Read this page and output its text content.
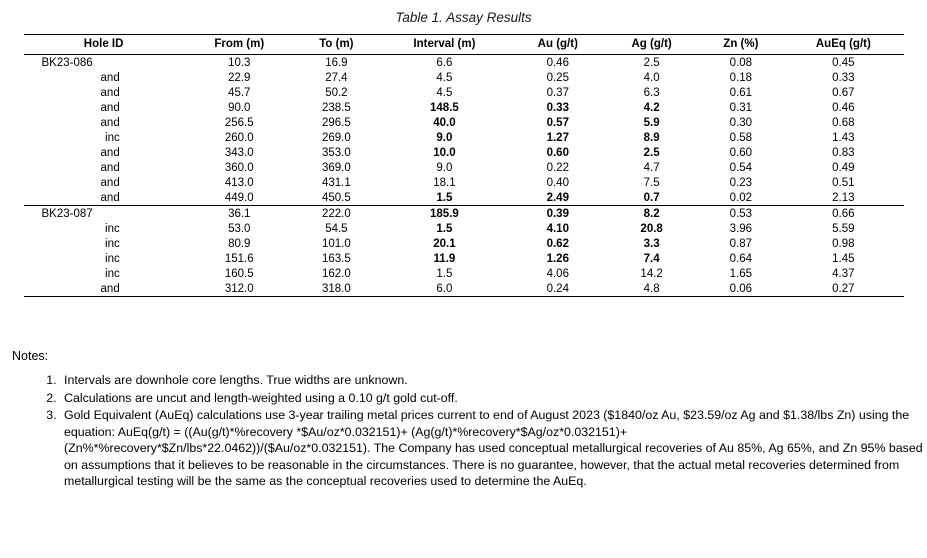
Table 1. Assay Results
Hole ID	From (m)	To (m)	Interval (m)	Au (g/t)	Ag (g/t)	Zn (%)	AuEq (g/t)
BK23-086	10.3	16.9	6.6	0.46	2.5	0.08	0.45
and	22.9	27.4	4.5	0.25	4.0	0.18	0.33
and	45.7	50.2	4.5	0.37	6.3	0.61	0.67
and	90.0	238.5	148.5	0.33	4.2	0.31	0.46
and	256.5	296.5	40.0	0.57	5.9	0.30	0.68
inc	260.0	269.0	9.0	1.27	8.9	0.58	1.43
and	343.0	353.0	10.0	0.60	2.5	0.60	0.83
and	360.0	369.0	9.0	0.22	4.7	0.54	0.49
and	413.0	431.1	18.1	0.40	7.5	0.23	0.51
and	449.0	450.5	1.5	2.49	0.7	0.02	2.13
BK23-087	36.1	222.0	185.9	0.39	8.2	0.53	0.66
inc	53.0	54.5	1.5	4.10	20.8	3.96	5.59
inc	80.9	101.0	20.1	0.62	3.3	0.87	0.98
inc	151.6	163.5	11.9	1.26	7.4	0.64	1.45
inc	160.5	162.0	1.5	4.06	14.2	1.65	4.37
and	312.0	318.0	6.0	0.24	4.8	0.06	0.27
Notes:
1. Intervals are downhole core lengths. True widths are unknown.
2. Calculations are uncut and length-weighted using a 0.10 g/t gold cut-off.
3. Gold Equivalent (AuEq) calculations use 3-year trailing metal prices current to end of August 2023 ($1840/oz Au, $23.59/oz Ag and $1.38/lbs Zn) using the equation: AuEq(g/t) = ((Au(g/t)*%recovery *$Au/oz*0.032151)+ (Ag(g/t)*%recovery*$Ag/oz*0.032151)+(Zn%*%recovery*$Zn/lbs*22.0462))/($Au/oz*0.032151). The Company has used conceptual metallurgical recoveries of Au 85%, Ag 65%, and Zn 95% based on assumptions that it believes to be reasonable in the circumstances. There is no guarantee, however, that the actual metal recoveries determined from metallurgical testing will be the same as the conceptual recoveries used to determine the AuEq.
